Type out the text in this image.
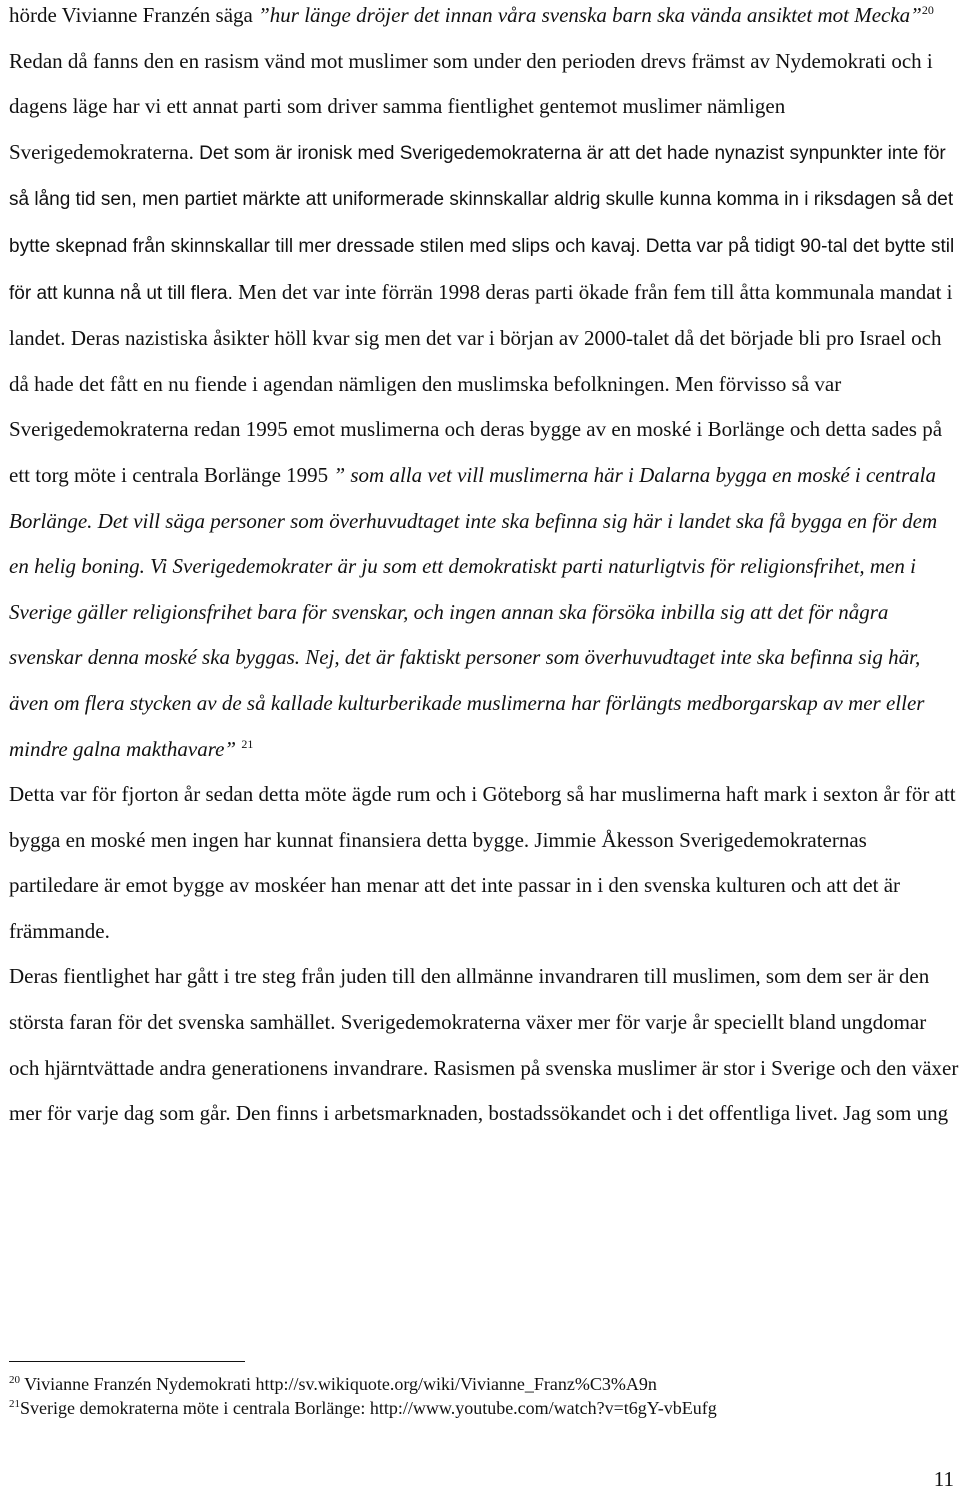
hörde Vivianne Franzén säga ”hur länge dröjer det innan våra svenska barn ska vända ansiktet mot Mecka”$^{20}$

Redan då fanns den en rasism vänd mot muslimer som under den perioden drevs främst av Nydemokrati och i dagens läge har vi ett annat parti som driver samma fientlighet gentemot muslimer nämligen Sverigedemokraterna. Det som är ironisk med Sverigedemokraterna är att det hade nynazist synpunkter inte för så lång tid sen, men partiet märkte att uniformerade skinnskallar aldrig skulle kunna komma in i riksdagen så det bytte skepnad från skinnskallar till mer dressade stilen med slips och kavaj. Detta var på tidigt 90-tal det bytte stil för att kunna nå ut till flera. Men det var inte förrän 1998 deras parti ökade från fem till åtta kommunala mandat i landet. Deras nazistiska åsikter höll kvar sig men det var i början av 2000-talet då det började bli pro Israel och då hade det fått en nu fiende i agendan nämligen den muslimska befolkningen. Men förvisso så var Sverigedemokraterna redan 1995 emot muslimerna och deras bygge av en moské i Borlänge och detta sades på ett torg möte i centrala Borlänge 1995 ” som alla vet vill muslimerna här i Dalarna bygga en moské i centrala Borlänge. Det vill säga personer som överhuvudtaget inte ska befinna sig här i landet ska få bygga en för dem en helig boning. Vi Sverigedemokrater är ju som ett demokratiskt parti naturligtvis för religionsfrihet, men i Sverige gäller religionsfrihet bara för svenskar, och ingen annan ska försöka inbilla sig att det för några svenskar denna moské ska byggas. Nej, det är faktiskt personer som överhuvudtaget inte ska befinna sig här, även om flera stycken av de så kallade kulturberikade muslimerna har förlängts medborgarskap av mer eller mindre galna makthavare” $^{21}$

Detta var för fjorton år sedan detta möte ägde rum och i Göteborg så har muslimerna haft mark i sexton år för att bygga en moské men ingen har kunnat finansiera detta bygge. Jimmie Åkesson Sverigedemokraternas partiledare är emot bygge av moskéer han menar att det inte passar in i den svenska kulturen och att det är främmande.

Deras fientlighet har gått i tre steg från juden till den allmänne invandraren till muslimen, som dem ser är den största faran för det svenska samhället. Sverigedemokraterna växer mer för varje år speciellt bland ungdomar och hjärntvättade andra generationens invandrare. Rasismen på svenska muslimer är stor i Sverige och den växer mer för varje dag som går. Den finns i arbetsmarknaden, bostadssökandet och i det offentliga livet. Jag som ung

$^{20}$ Vivianne Franzén Nydemokrati http://sv.wikiquote.org/wiki/Vivianne_Franz%C3%A9n

$^{21}$Sverige demokraterna möte i centrala Borlänge: http://www.youtube.com/watch?v=t6gY-vbEufg

11
